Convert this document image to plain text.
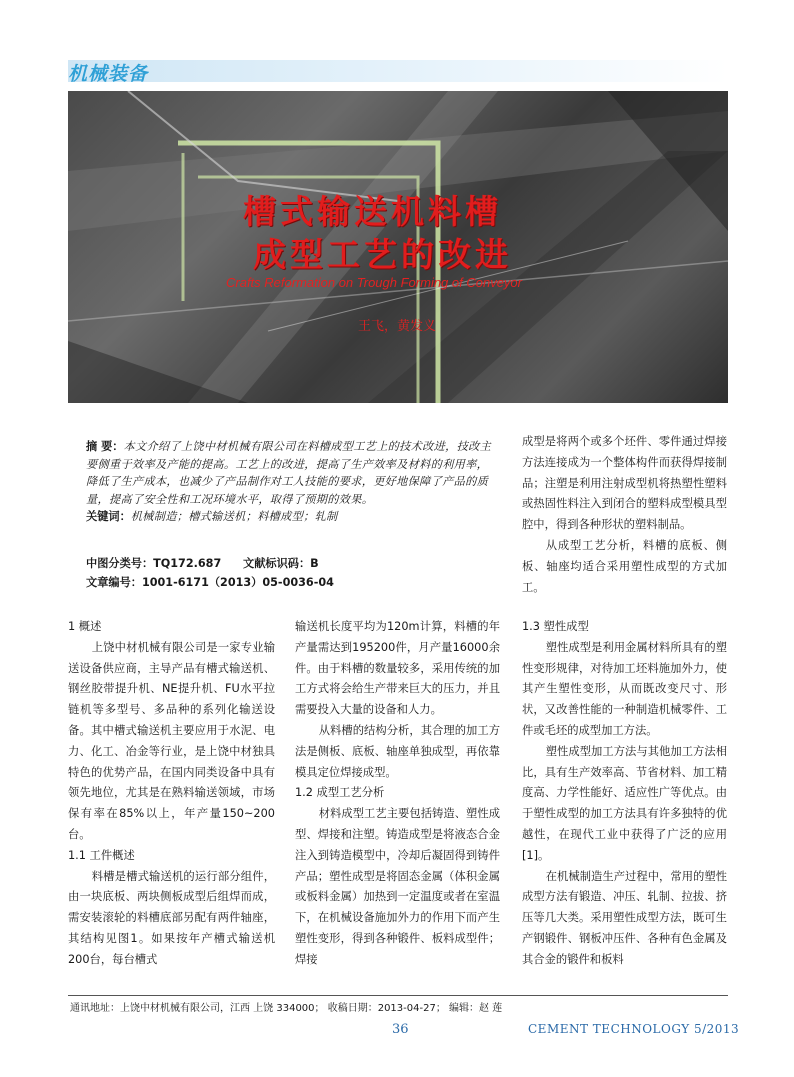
机械装备
槽式输送机料槽
成型工艺的改进
Crafts Reformation on Trough Forming of Conveyor
王飞，黄发义

摘 要：本文介绍了上饶中材机械有限公司在料槽成型工艺上的技术改进，技改主要侧重于效率及产能的提高。工艺上的改进，提高了生产效率及材料的利用率，降低了生产成本，也减少了产品制作对工人技能的要求，更好地保障了产品的质量，提高了安全性和工况环境水平，取得了预期的效果。

关键词：机械制造；槽式输送机；料槽成型；轧制

中图分类号：TQ172.687 文献标识码：B
文章编号：1001-6171（2013）05-0036-04

1 概述

上饶中材机械有限公司是一家专业输送设备供应商，主导产品有槽式输送机、钢丝胶带提升机、NE提升机、FU水平拉链机等多型号、多品种的系列化输送设备。其中槽式输送机主要应用于水泥、电力、化工、冶金等行业，是上饶中材独具特色的优势产品，在国内同类设备中具有领先地位，尤其是在熟料输送领域，市场保有率在85%以上，年产量150~200台。

1.1 工件概述

料槽是槽式输送机的运行部分组件，由一块底板、两块侧板成型后组焊而成，需安装滚轮的料槽底部另配有两件轴座，其结构见图1。如果按年产槽式输送机200台，每台槽式

输送机长度平均为120m计算，料槽的年产量需达到195200件，月产量16000余件。由于料槽的数量较多，采用传统的加工方式将会给生产带来巨大的压力，并且需要投入大量的设备和人力。

从料槽的结构分析，其合理的加工方法是侧板、底板、轴座单独成型，再依靠模具定位焊接成型。

1.2 成型工艺分析

材料成型工艺主要包括铸造、塑性成型、焊接和注塑。铸造成型是将液态合金注入到铸造模型中，冷却后凝固得到铸件产品；塑性成型是将固态金属（体积金属或板料金属）加热到一定温度或者在室温下，在机械设备施加外力的作用下而产生塑性变形，得到各种锻件、板料成型件；焊接

成型是将两个或多个坯件、零件通过焊接方法连接成为一个整体构件而获得焊接制品；注塑是利用注射成型机将热塑性塑料或热固性料注入到闭合的塑料成型模具型腔中，得到各种形状的塑料制品。

从成型工艺分析，料槽的底板、侧板、轴座均适合采用塑性成型的方式加工。

1.3 塑性成型

塑性成型是利用金属材料所具有的塑性变形规律，对待加工坯料施加外力，使其产生塑性变形，从而既改变尺寸、形状，又改善性能的一种制造机械零件、工件或毛坯的成型加工方法。

塑性成型加工方法与其他加工方法相比，具有生产效率高、节省材料、加工精度高、力学性能好、适应性广等优点。由于塑性成型的加工方法具有许多独特的优越性，在现代工业中获得了广泛的应用[1]。

在机械制造生产过程中，常用的塑性成型方法有锻造、冲压、轧制、拉拔、挤压等几大类。采用塑性成型方法，既可生产钢锻件、钢板冲压件、各种有色金属及其合金的锻件和板料

通讯地址：上饶中材机械有限公司，江西 上饶 334000； 收稿日期：2013-04-27； 编辑：赵 莲
36	CEMENT TECHNOLOGY 5/2013
